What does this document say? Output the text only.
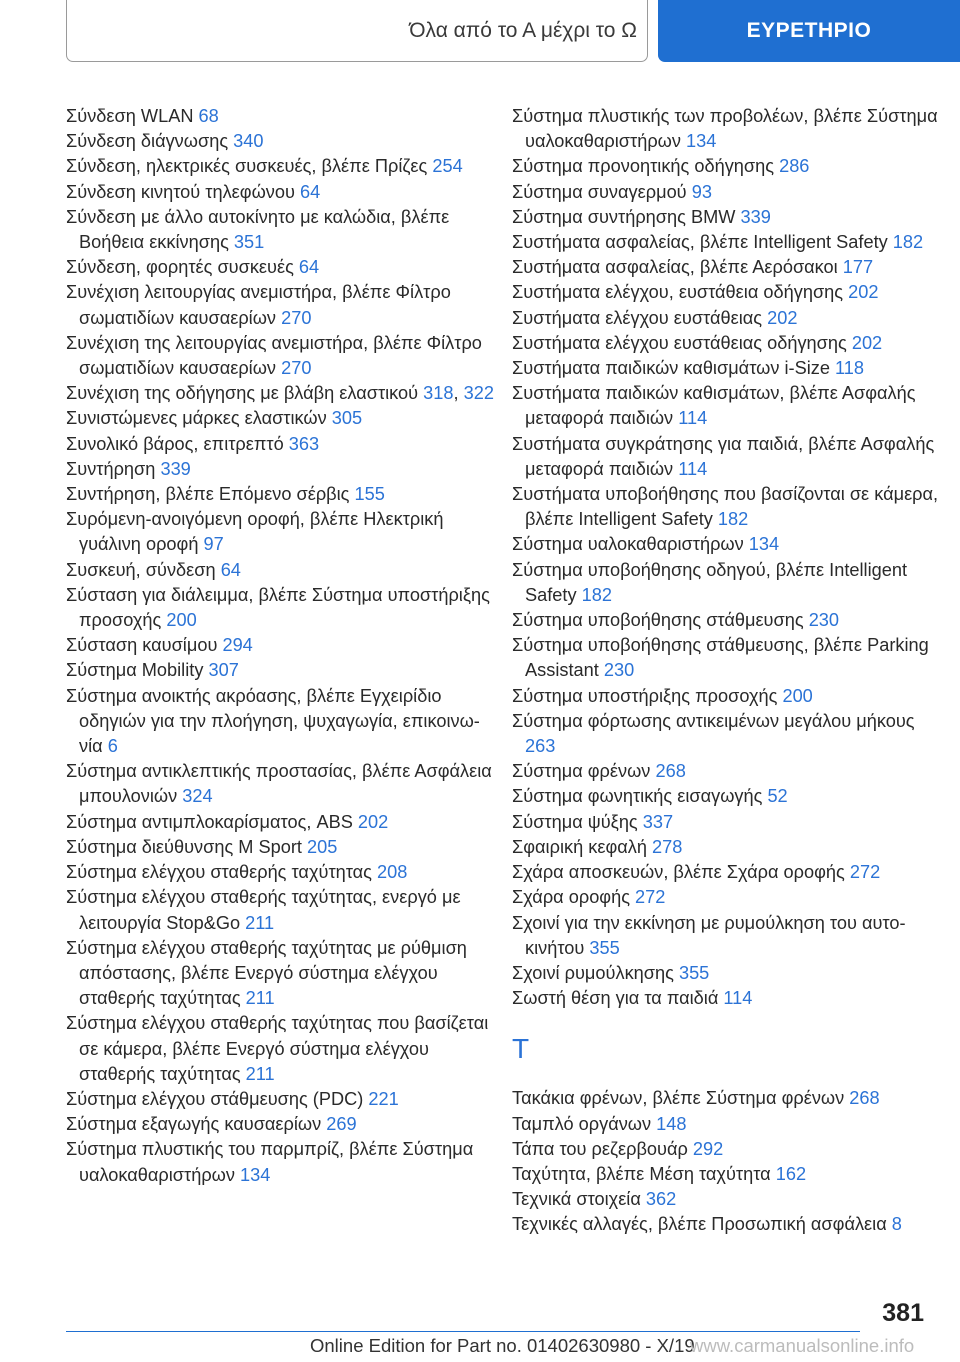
Όλα από το Α μέχρι το Ω	ΕΥΡΕΤΗΡΙΟ
Σύνδεση WLAN 68
Σύνδεση διάγνωσης 340
Σύνδεση, ηλεκτρικές συσκευές, βλέπε Πρίζες 254
Σύνδεση κινητού τηλεφώνου 64
Σύνδεση με άλλο αυτοκίνητο με καλώδια, βλέπε Βοήθεια εκκίνησης 351
Σύνδεση, φορητές συσκευές 64
Συνέχιση λειτουργίας ανεμιστήρα, βλέπε Φίλτρο σωματιδίων καυσαερίων 270
Συνέχιση της λειτουργίας ανεμιστήρα, βλέπε Φίλτρο σωματιδίων καυσαερίων 270
Συνέχιση της οδήγησης με βλάβη ελαστικού 318, 322
Συνιστώμενες μάρκες ελαστικών 305
Συνολικό βάρος, επιτρεπτό 363
Συντήρηση 339
Συντήρηση, βλέπε Επόμενο σέρβις 155
Συρόμενη-ανοιγόμενη οροφή, βλέπε Ηλεκτρική γυάλινη οροφή 97
Συσκευή, σύνδεση 64
Σύσταση για διάλειμμα, βλέπε Σύστημα υποστήριξης προσοχής 200
Σύσταση καυσίμου 294
Σύστημα Mobility 307
Σύστημα ανοικτής ακρόασης, βλέπε Εγχειρίδιο οδηγιών για την πλοήγηση, ψυχαγωγία, επικοινωνία 6
Σύστημα αντικλεπτικής προστασίας, βλέπε Ασφάλεια μπουλονιών 324
Σύστημα αντιμπλοκαρίσματος, ABS 202
Σύστημα διεύθυνσης M Sport 205
Σύστημα ελέγχου σταθερής ταχύτητας 208
Σύστημα ελέγχου σταθερής ταχύτητας, ενεργό με λειτουργία Stop&Go 211
Σύστημα ελέγχου σταθερής ταχύτητας με ρύθμιση απόστασης, βλέπε Ενεργό σύστημα ελέγχου σταθερής ταχύτητας 211
Σύστημα ελέγχου σταθερής ταχύτητας που βασίζεται σε κάμερα, βλέπε Ενεργό σύστημα ελέγχου σταθερής ταχύτητας 211
Σύστημα ελέγχου στάθμευσης (PDC) 221
Σύστημα εξαγωγής καυσαερίων 269
Σύστημα πλυστικής του παρμπρίζ, βλέπε Σύστημα υαλοκαθαριστήρων 134
Σύστημα πλυστικής των προβολέων, βλέπε Σύστημα υαλοκαθαριστήρων 134
Σύστημα προνοητικής οδήγησης 286
Σύστημα συναγερμού 93
Σύστημα συντήρησης BMW 339
Συστήματα ασφαλείας, βλέπε Intelligent Safety 182
Συστήματα ασφαλείας, βλέπε Αερόσακοι 177
Συστήματα ελέγχου, ευστάθεια οδήγησης 202
Συστήματα ελέγχου ευστάθειας 202
Συστήματα ελέγχου ευστάθειας οδήγησης 202
Συστήματα παιδικών καθισμάτων i-Size 118
Συστήματα παιδικών καθισμάτων, βλέπε Ασφαλής μεταφορά παιδιών 114
Συστήματα συγκράτησης για παιδιά, βλέπε Ασφαλής μεταφορά παιδιών 114
Συστήματα υποβοήθησης που βασίζονται σε κάμερα, βλέπε Intelligent Safety 182
Σύστημα υαλοκαθαριστήρων 134
Σύστημα υποβοήθησης οδηγού, βλέπε Intelligent Safety 182
Σύστημα υποβοήθησης στάθμευσης 230
Σύστημα υποβοήθησης στάθμευσης, βλέπε Parking Assistant 230
Σύστημα υποστήριξης προσοχής 200
Σύστημα φόρτωσης αντικειμένων μεγάλου μήκους 263
Σύστημα φρένων 268
Σύστημα φωνητικής εισαγωγής 52
Σύστημα ψύξης 337
Σφαιρική κεφαλή 278
Σχάρα αποσκευών, βλέπε Σχάρα οροφής 272
Σχάρα οροφής 272
Σχοινί για την εκκίνηση με ρυμούλκηση του αυτοκινήτου 355
Σχοινί ρυμούλκησης 355
Σωστή θέση για τα παιδιά 114
T
Τακάκια φρένων, βλέπε Σύστημα φρένων 268
Ταμπλό οργάνων 148
Τάπα του ρεζερβουάρ 292
Ταχύτητα, βλέπε Μέση ταχύτητα 162
Τεχνικά στοιχεία 362
Τεχνικές αλλαγές, βλέπε Προσωπική ασφάλεια 8
381
Online Edition for Part no. 01402630980 - X/19
www.carmanualsonline.info
